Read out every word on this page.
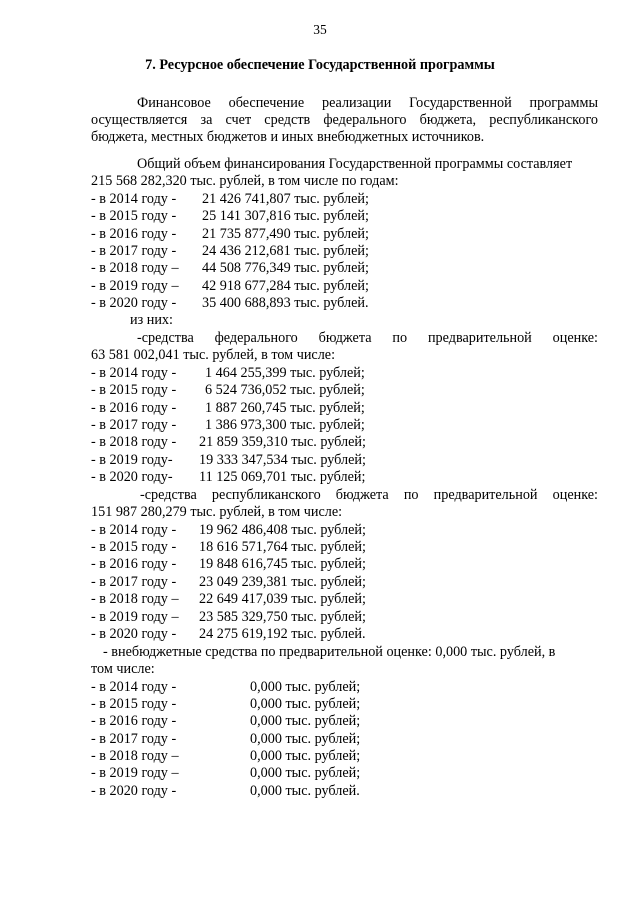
35
7. Ресурсное обеспечение Государственной программы

Финансовое обеспечение реализации Государственной программы осуществляется за счет средств федерального бюджета, республиканского бюджета, местных бюджетов и иных внебюджетных источников.

Общий объем финансирования Государственной программы составляет
215 568 282,320 тыс. рублей, в том числе по годам:
- в 2014 году - 21 426 741,807 тыс. рублей;
- в 2015 году - 25 141 307,816 тыс. рублей;
- в 2016 году - 21 735 877,490 тыс. рублей;
- в 2017 году - 24 436 212,681 тыс. рублей;
- в 2018 году – 44 508 776,349 тыс. рублей;
- в 2019 году – 42 918 677,284 тыс. рублей;
- в 2020 году - 35 400 688,893 тыс. рублей.
из них:
-средства федерального бюджета по предварительной оценке:
63 581 002,041 тыс. рублей, в том числе:
- в 2014 году - 1 464 255,399 тыс. рублей;
- в 2015 году - 6 524 736,052 тыс. рублей;
- в 2016 году - 1 887 260,745 тыс. рублей;
- в 2017 году - 1 386 973,300 тыс. рублей;
- в 2018 году - 21 859 359,310 тыс. рублей;
- в 2019 году- 19 333 347,534 тыс. рублей;
- в 2020 году- 11 125 069,701 тыс. рублей;
-средства республиканского бюджета по предварительной оценке:
151 987 280,279 тыс. рублей, в том числе:
- в 2014 году - 19 962 486,408 тыс. рублей;
- в 2015 году - 18 616 571,764 тыс. рублей;
- в 2016 году - 19 848 616,745 тыс. рублей;
- в 2017 году - 23 049 239,381 тыс. рублей;
- в 2018 году – 22 649 417,039 тыс. рублей;
- в 2019 году – 23 585 329,750 тыс. рублей;
- в 2020 году - 24 275 619,192 тыс. рублей.
- внебюджетные средства по предварительной оценке: 0,000 тыс. рублей, в
том числе:
- в 2014 году -	0,000 тыс. рублей;
- в 2015 году -	0,000 тыс. рублей;
- в 2016 году -	0,000 тыс. рублей;
- в 2017 году -	0,000 тыс. рублей;
- в 2018 году –	0,000 тыс. рублей;
- в 2019 году –	0,000 тыс. рублей;
- в 2020 году -	0,000 тыс. рублей.
